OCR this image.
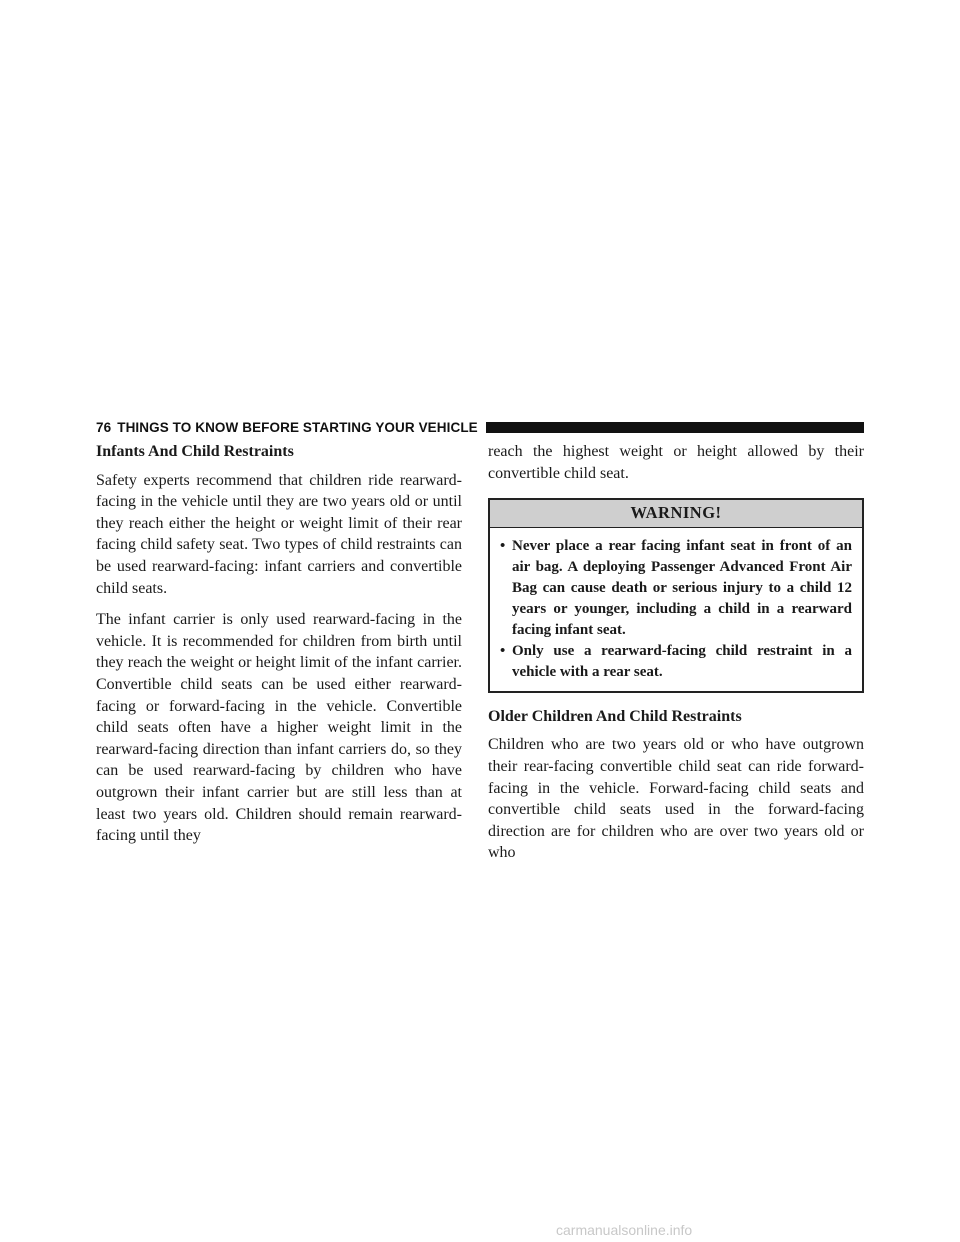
76 THINGS TO KNOW BEFORE STARTING YOUR VEHICLE
Infants And Child Restraints

Safety experts recommend that children ride rearward-facing in the vehicle until they are two years old or until they reach either the height or weight limit of their rear facing child safety seat. Two types of child restraints can be used rearward-facing: infant carriers and convertible child seats.

The infant carrier is only used rearward-facing in the vehicle. It is recommended for children from birth until they reach the weight or height limit of the infant carrier. Convertible child seats can be used either rearward-facing or forward-facing in the vehicle. Convertible child seats often have a higher weight limit in the rearward-facing direction than infant carriers do, so they can be used rearward-facing by children who have outgrown their infant carrier but are still less than at least two years old. Children should remain rearward-facing until they

reach the highest weight or height allowed by their convertible child seat.

WARNING!
• Never place a rear facing infant seat in front of an air bag. A deploying Passenger Advanced Front Air Bag can cause death or serious injury to a child 12 years or younger, including a child in a rearward facing infant seat.
• Only use a rearward-facing child restraint in a vehicle with a rear seat.
Older Children And Child Restraints

Children who are two years old or who have outgrown their rear-facing convertible child seat can ride forward-facing in the vehicle. Forward-facing child seats and convertible child seats used in the forward-facing direction are for children who are over two years old or who

carmanualsonline.info
